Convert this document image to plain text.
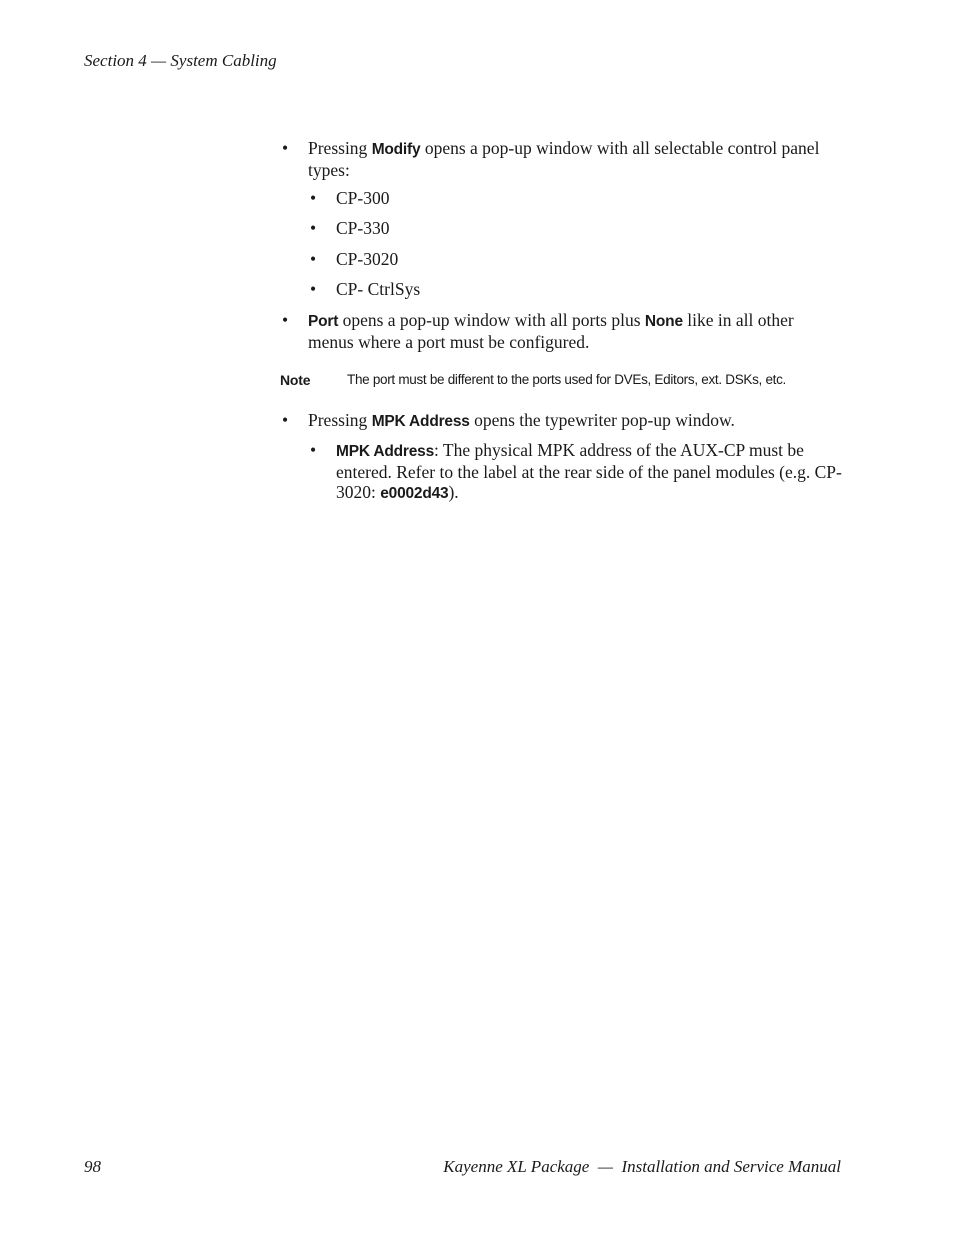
Section 4 — System Cabling
• Pressing Modify opens a pop-up window with all selectable control panel types:
• CP-300
• CP-330
• CP-3020
• CP- CtrlSys
• Port opens a pop-up window with all ports plus None like in all other menus where a port must be configured.
Note	The port must be different to the ports used for DVEs, Editors, ext. DSKs, etc.
• Pressing MPK Address opens the typewriter pop-up window.
• MPK Address: The physical MPK address of the AUX-CP must be entered. Refer to the label at the rear side of the panel modules (e.g. CP-3020: e0002d43).
98	Kayenne XL Package  —  Installation and Service Manual
